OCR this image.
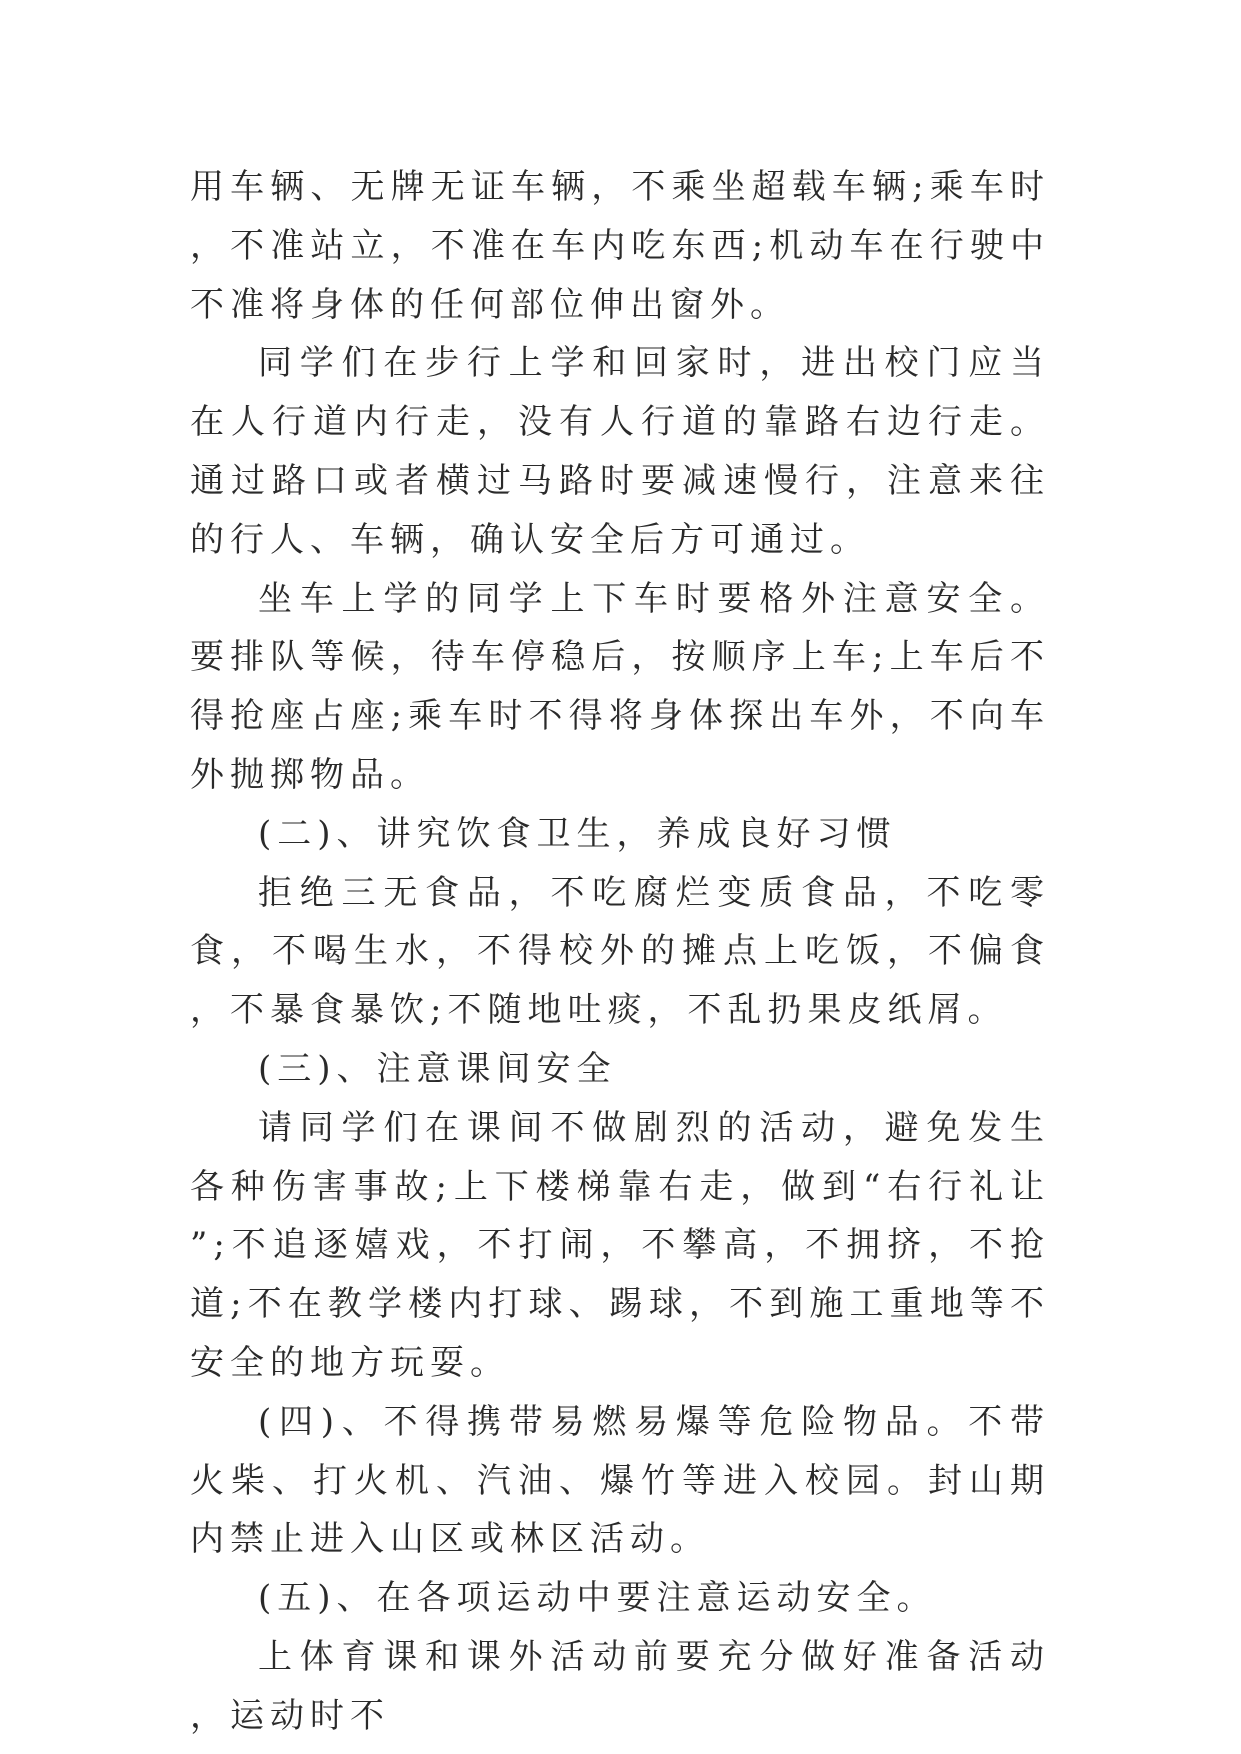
用车辆、无牌无证车辆，不乘坐超载车辆;乘车时，不准站立，不准在车内吃东西;机动车在行驶中不准将身体的任何部位伸出窗外。

同学们在步行上学和回家时，进出校门应当在人行道内行走，没有人行道的靠路右边行走。通过路口或者横过马路时要减速慢行，注意来往的行人、车辆，确认安全后方可通过。

坐车上学的同学上下车时要格外注意安全。要排队等候，待车停稳后，按顺序上车;上车后不得抢座占座;乘车时不得将身体探出车外，不向车外抛掷物品。

(二)、讲究饮食卫生，养成良好习惯

拒绝三无食品，不吃腐烂变质食品，不吃零食，不喝生水，不得校外的摊点上吃饭，不偏食，不暴食暴饮;不随地吐痰，不乱扔果皮纸屑。

(三)、注意课间安全

请同学们在课间不做剧烈的活动，避免发生各种伤害事故;上下楼梯靠右走，做到“右行礼让”;不追逐嬉戏，不打闹，不攀高，不拥挤，不抢道;不在教学楼内打球、踢球，不到施工重地等不安全的地方玩耍。

(四)、不得携带易燃易爆等危险物品。不带火柴、打火机、汽油、爆竹等进入校园。封山期内禁止进入山区或林区活动。

(五)、在各项运动中要注意运动安全。

上体育课和课外活动前要充分做好准备活动，运动时不
